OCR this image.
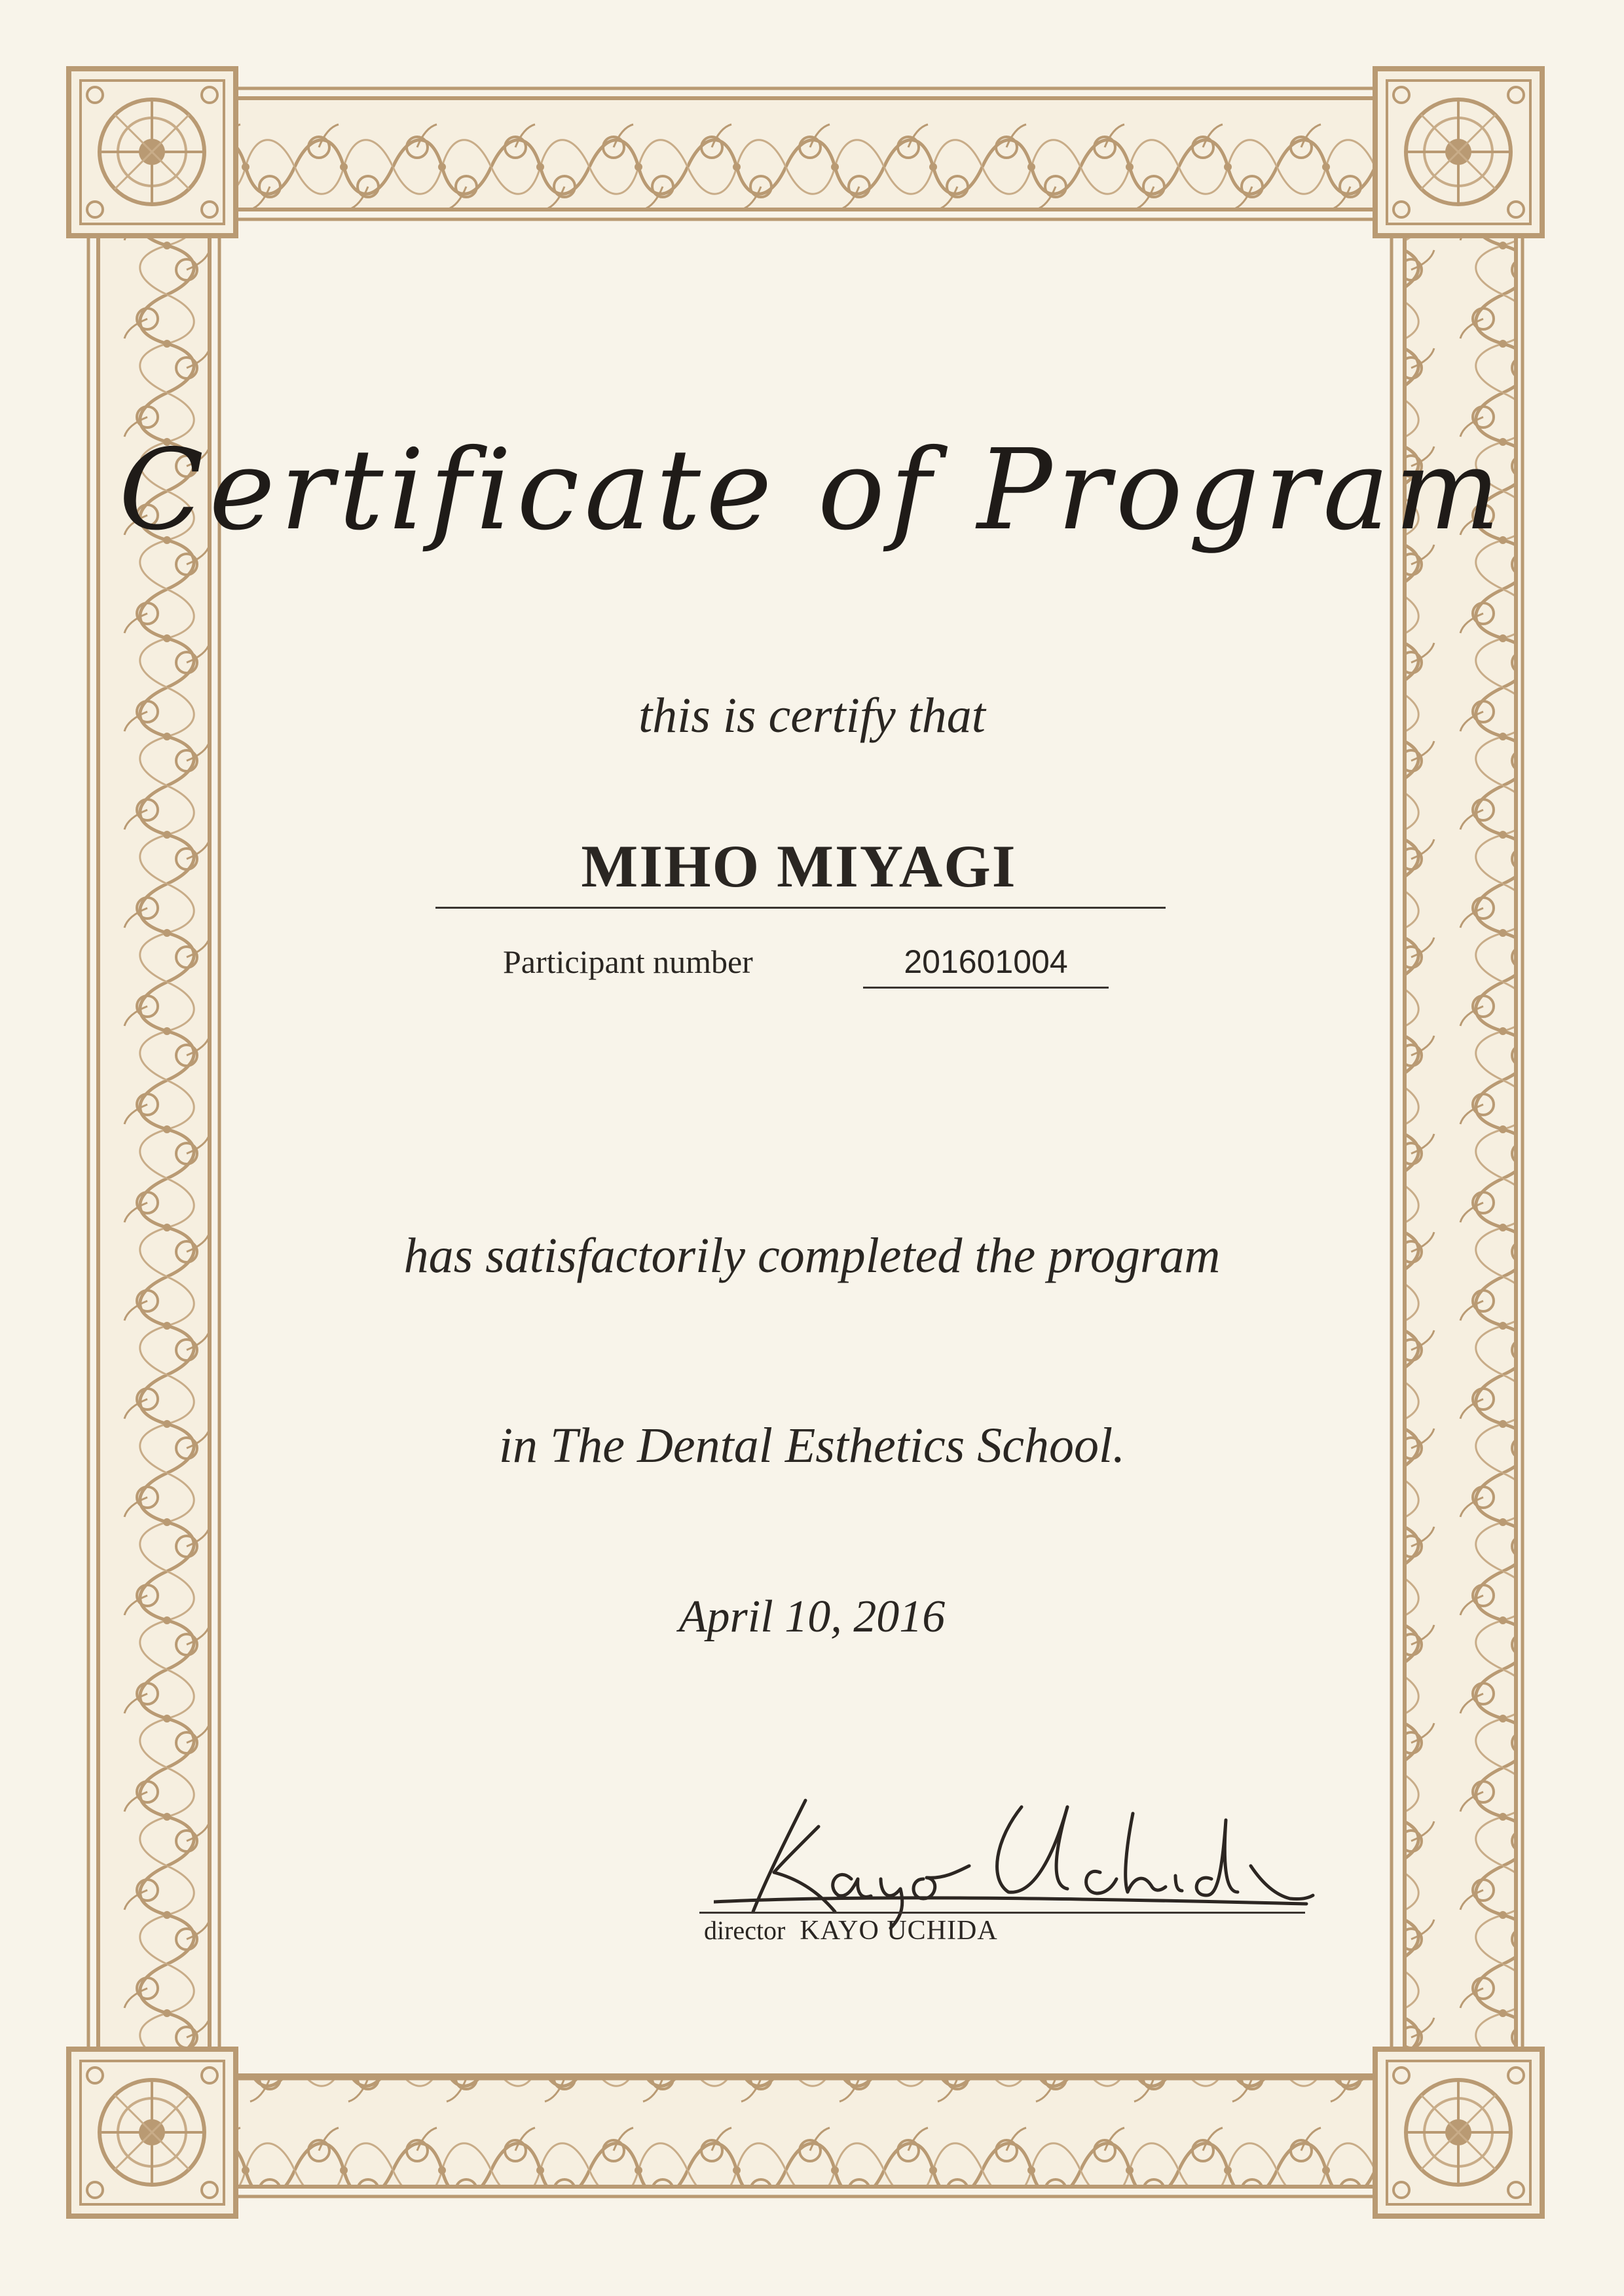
Certificate of Program
this is certify that
MIHO MIYAGI
Participant number	201601004
has satisfactorily completed the program
in The Dental Esthetics School.
April 10, 2016
director KAYO UCHIDA
